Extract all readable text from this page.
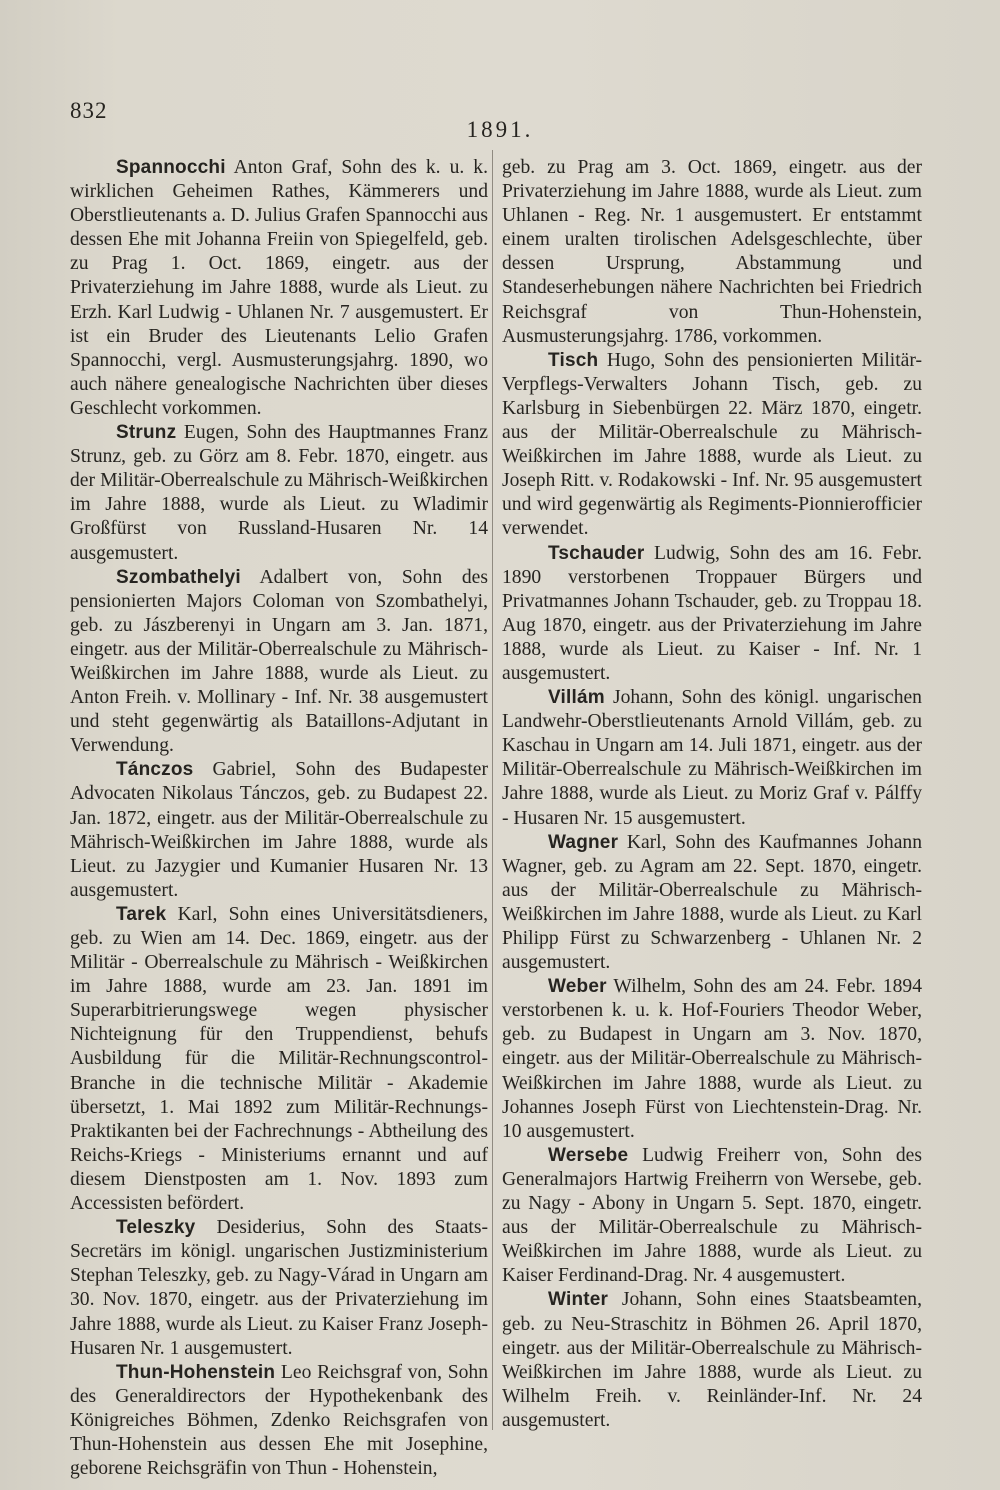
832
1891.

Spannocchi Anton Graf, Sohn des k. u. k. wirklichen Geheimen Rathes, Kämmerers und Oberstlieutenants a. D. Julius Grafen Spannocchi aus dessen Ehe mit Johanna Freiin von Spiegelfeld, geb. zu Prag 1. Oct. 1869, eingetr. aus der Privaterziehung im Jahre 1888, wurde als Lieut. zu Erzh. Karl Ludwig - Uhlanen Nr. 7 ausgemustert. Er ist ein Bruder des Lieutenants Lelio Grafen Spannocchi, vergl. Ausmusterungsjahrg. 1890, wo auch nähere genealogische Nachrichten über dieses Geschlecht vorkommen.

Strunz Eugen, Sohn des Hauptmannes Franz Strunz, geb. zu Görz am 8. Febr. 1870, eingetr. aus der Militär-Oberrealschule zu Mährisch-Weißkirchen im Jahre 1888, wurde als Lieut. zu Wladimir Großfürst von Russland-Husaren Nr. 14 ausgemustert.

Szombathelyi Adalbert von, Sohn des pensionierten Majors Coloman von Szombathelyi, geb. zu Jászberenyi in Ungarn am 3. Jan. 1871, eingetr. aus der Militär-Oberrealschule zu Mährisch-Weißkirchen im Jahre 1888, wurde als Lieut. zu Anton Freih. v. Mollinary - Inf. Nr. 38 ausgemustert und steht gegenwärtig als Bataillons-Adjutant in Verwendung.

Tánczos Gabriel, Sohn des Budapester Advocaten Nikolaus Tánczos, geb. zu Budapest 22. Jan. 1872, eingetr. aus der Militär-Oberrealschule zu Mährisch-Weißkirchen im Jahre 1888, wurde als Lieut. zu Jazygier und Kumanier Husaren Nr. 13 ausgemustert.

Tarek Karl, Sohn eines Universitätsdieners, geb. zu Wien am 14. Dec. 1869, eingetr. aus der Militär - Oberrealschule zu Mährisch - Weißkirchen im Jahre 1888, wurde am 23. Jan. 1891 im Superarbitrierungswege wegen physischer Nichteignung für den Truppendienst, behufs Ausbildung für die Militär-Rechnungscontrol-Branche in die technische Militär - Akademie übersetzt, 1. Mai 1892 zum Militär-Rechnungs-Praktikanten bei der Fachrechnungs - Abtheilung des Reichs-Kriegs - Ministeriums ernannt und auf diesem Dienstposten am 1. Nov. 1893 zum Accessisten befördert.

Teleszky Desiderius, Sohn des Staats-Secretärs im königl. ungarischen Justizministerium Stephan Teleszky, geb. zu Nagy-Várad in Ungarn am 30. Nov. 1870, eingetr. aus der Privaterziehung im Jahre 1888, wurde als Lieut. zu Kaiser Franz Joseph-Husaren Nr. 1 ausgemustert.

Thun-Hohenstein Leo Reichsgraf von, Sohn des Generaldirectors der Hypothekenbank des Königreiches Böhmen, Zdenko Reichsgrafen von Thun-Hohenstein aus dessen Ehe mit Josephine, geborene Reichsgräfin von Thun - Hohenstein,

geb. zu Prag am 3. Oct. 1869, eingetr. aus der Privaterziehung im Jahre 1888, wurde als Lieut. zum Uhlanen - Reg. Nr. 1 ausgemustert. Er entstammt einem uralten tirolischen Adelsgeschlechte, über dessen Ursprung, Abstammung und Standeserhebungen nähere Nachrichten bei Friedrich Reichsgraf von Thun-Hohenstein, Ausmusterungsjahrg. 1786, vorkommen.

Tisch Hugo, Sohn des pensionierten Militär-Verpflegs-Verwalters Johann Tisch, geb. zu Karlsburg in Siebenbürgen 22. März 1870, eingetr. aus der Militär-Oberrealschule zu Mährisch-Weißkirchen im Jahre 1888, wurde als Lieut. zu Joseph Ritt. v. Rodakowski - Inf. Nr. 95 ausgemustert und wird gegenwärtig als Regiments-Pionnierofficier verwendet.

Tschauder Ludwig, Sohn des am 16. Febr. 1890 verstorbenen Troppauer Bürgers und Privatmannes Johann Tschauder, geb. zu Troppau 18. Aug 1870, eingetr. aus der Privaterziehung im Jahre 1888, wurde als Lieut. zu Kaiser - Inf. Nr. 1 ausgemustert.

Villám Johann, Sohn des königl. ungarischen Landwehr-Oberstlieutenants Arnold Villám, geb. zu Kaschau in Ungarn am 14. Juli 1871, eingetr. aus der Militär-Oberrealschule zu Mährisch-Weißkirchen im Jahre 1888, wurde als Lieut. zu Moriz Graf v. Pálffy - Husaren Nr. 15 ausgemustert.

Wagner Karl, Sohn des Kaufmannes Johann Wagner, geb. zu Agram am 22. Sept. 1870, eingetr. aus der Militär-Oberrealschule zu Mährisch-Weißkirchen im Jahre 1888, wurde als Lieut. zu Karl Philipp Fürst zu Schwarzenberg - Uhlanen Nr. 2 ausgemustert.

Weber Wilhelm, Sohn des am 24. Febr. 1894 verstorbenen k. u. k. Hof-Fouriers Theodor Weber, geb. zu Budapest in Ungarn am 3. Nov. 1870, eingetr. aus der Militär-Oberrealschule zu Mährisch-Weißkirchen im Jahre 1888, wurde als Lieut. zu Johannes Joseph Fürst von Liechtenstein-Drag. Nr. 10 ausgemustert.

Wersebe Ludwig Freiherr von, Sohn des Generalmajors Hartwig Freiherrn von Wersebe, geb. zu Nagy - Abony in Ungarn 5. Sept. 1870, eingetr. aus der Militär-Oberrealschule zu Mährisch-Weißkirchen im Jahre 1888, wurde als Lieut. zu Kaiser Ferdinand-Drag. Nr. 4 ausgemustert.

Winter Johann, Sohn eines Staatsbeamten, geb. zu Neu-Straschitz in Böhmen 26. April 1870, eingetr. aus der Militär-Oberrealschule zu Mährisch-Weißkirchen im Jahre 1888, wurde als Lieut. zu Wilhelm Freih. v. Reinländer-Inf. Nr. 24 ausgemustert.
